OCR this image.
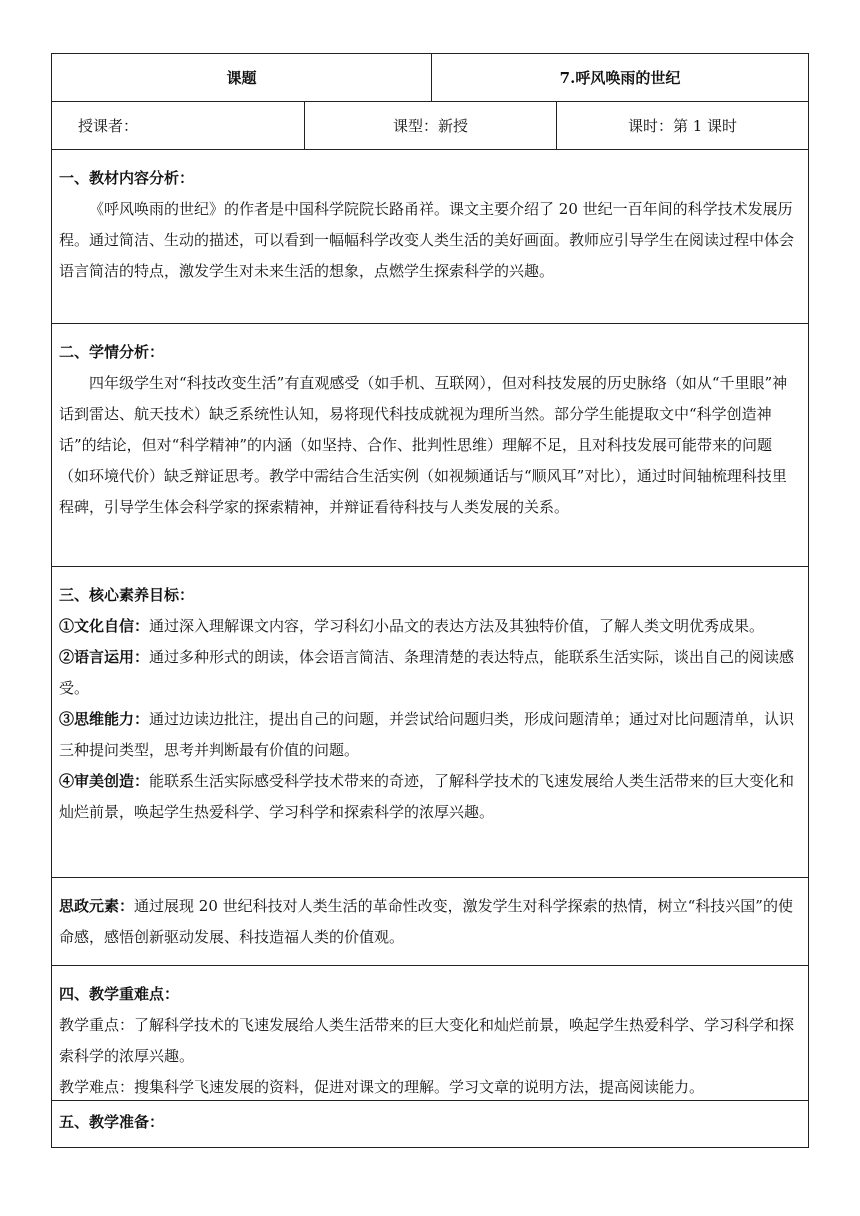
课题	7.呼风唤雨的世纪
授课者：	课型：新授	课时：第 1 课时

一、教材内容分析：

《呼风唤雨的世纪》的作者是中国科学院院长路甬祥。课文主要介绍了 20 世纪一百年间的科学技术发展历程。通过简洁、生动的描述，可以看到一幅幅科学改变人类生活的美好画面。教师应引导学生在阅读过程中体会语言简洁的特点，激发学生对未来生活的想象，点燃学生探索科学的兴趣。

二、学情分析：

四年级学生对“科技改变生活”有直观感受（如手机、互联网），但对科技发展的历史脉络（如从“千里眼”神话到雷达、航天技术）缺乏系统性认知，易将现代科技成就视为理所当然。部分学生能提取文中“科学创造神话”的结论，但对“科学精神”的内涵（如坚持、合作、批判性思维）理解不足，且对科技发展可能带来的问题（如环境代价）缺乏辩证思考。教学中需结合生活实例（如视频通话与“顺风耳”对比），通过时间轴梳理科技里程碑，引导学生体会科学家的探索精神，并辩证看待科技与人类发展的关系。

三、核心素养目标：

①文化自信：通过深入理解课文内容，学习科幻小品文的表达方法及其独特价值，了解人类文明优秀成果。

②语言运用：通过多种形式的朗读，体会语言简洁、条理清楚的表达特点，能联系生活实际，谈出自己的阅读感受。

③思维能力：通过边读边批注，提出自己的问题，并尝试给问题归类，形成问题清单；通过对比问题清单，认识三种提问类型，思考并判断最有价值的问题。

④审美创造：能联系生活实际感受科学技术带来的奇迹，了解科学技术的飞速发展给人类生活带来的巨大变化和灿烂前景，唤起学生热爱科学、学习科学和探索科学的浓厚兴趣。

思政元素：通过展现 20 世纪科技对人类生活的革命性改变，激发学生对科学探索的热情，树立“科技兴国”的使命感，感悟创新驱动发展、科技造福人类的价值观。

四、教学重难点：

教学重点：了解科学技术的飞速发展给人类生活带来的巨大变化和灿烂前景，唤起学生热爱科学、学习科学和探索科学的浓厚兴趣。

教学难点：搜集科学飞速发展的资料，促进对课文的理解。学习文章的说明方法，提高阅读能力。

五、教学准备：
